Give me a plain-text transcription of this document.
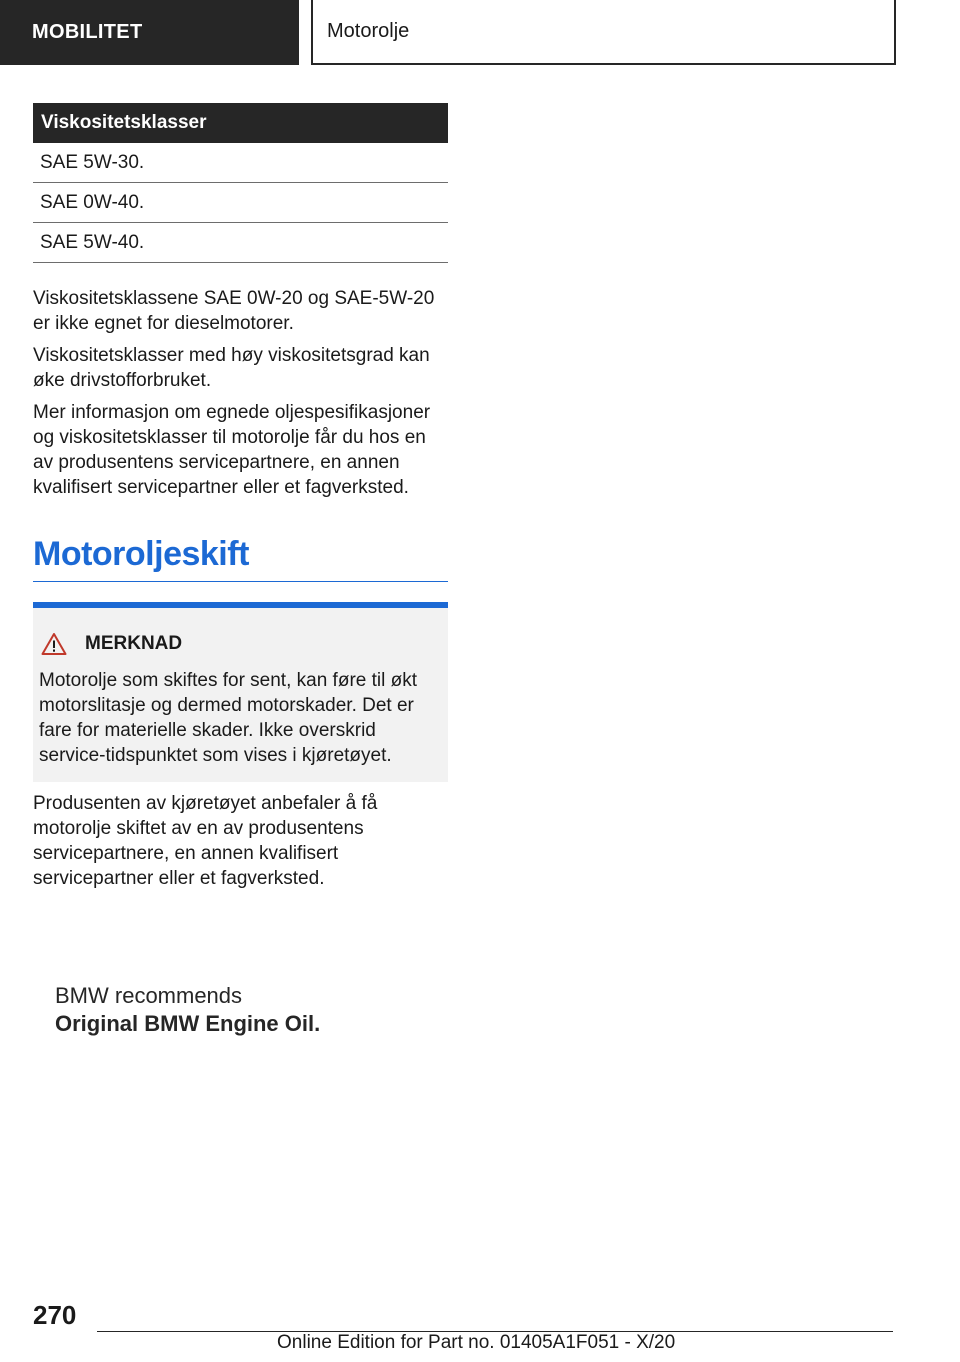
MOBILITET	Motorolje
Viskositetsklasser
SAE 5W-30.
SAE 0W-40.
SAE 5W-40.

Viskositetsklassene SAE 0W-20 og SAE-5W-20 er ikke egnet for dieselmotorer.

Viskositetsklasser med høy viskositetsgrad kan øke drivstofforbruket.

Mer informasjon om egnede oljespesifikasjoner og viskositetsklasser til motorolje får du hos en av produsentens servicepartnere, en annen kvalifisert servicepartner eller et fagverksted.

Motoroljeskift
MERKNAD

Motorolje som skiftes for sent, kan føre til økt motorslitasje og dermed motorskader. Det er fare for materielle skader. Ikke overskrid service-tidspunktet som vises i kjøretøyet.

Produsenten av kjøretøyet anbefaler å få motorolje skiftet av en av produsentens servicepartnere, en annen kvalifisert servicepartner eller et fagverksted.

BMW recommends
Original BMW Engine Oil.
270
Online Edition for Part no. 01405A1F051 - X/20
